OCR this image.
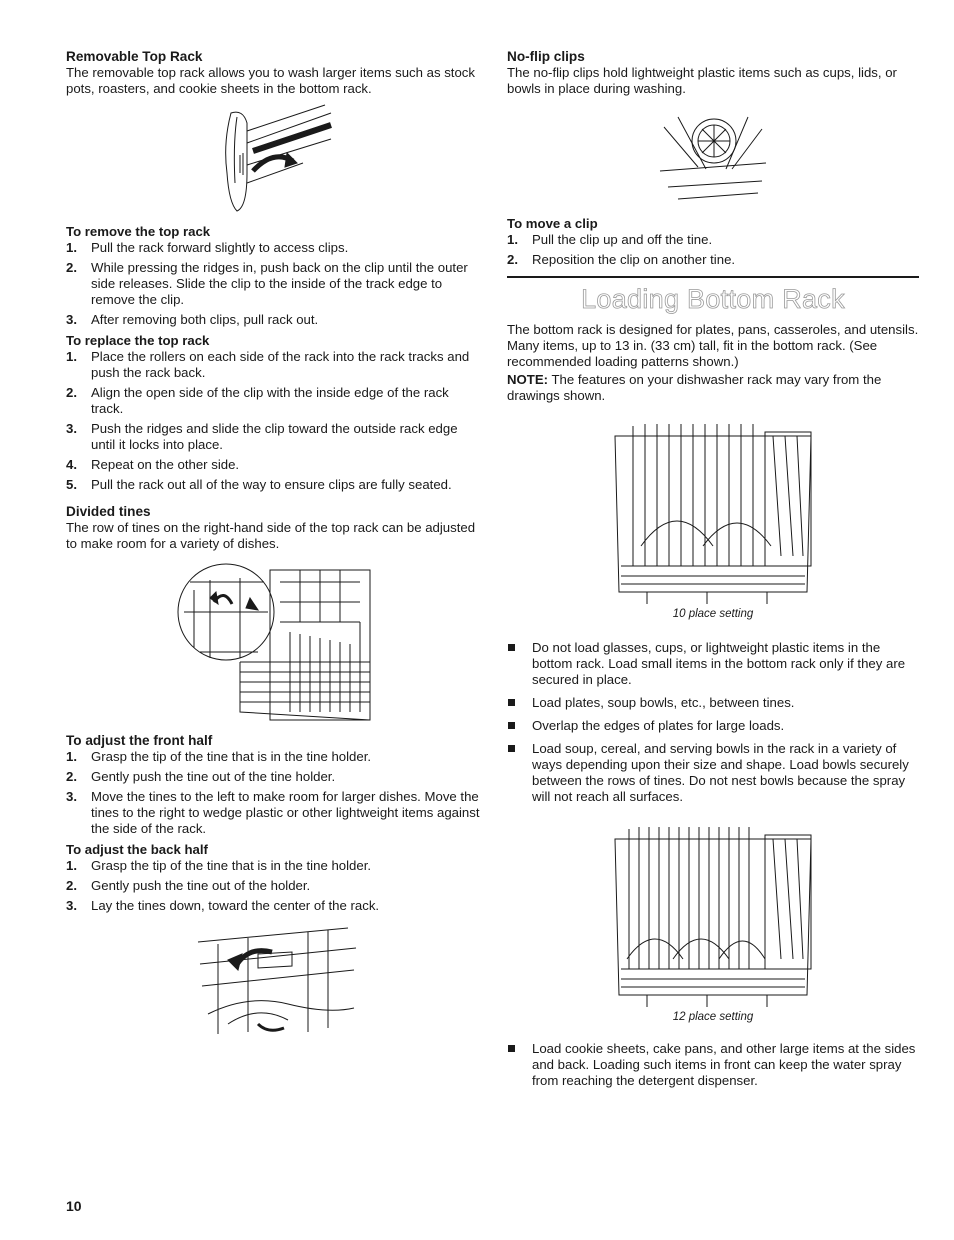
Removable Top Rack

The removable top rack allows you to wash larger items such as stock pots, roasters, and cookie sheets in the bottom rack.

To remove the top rack
1. Pull the rack forward slightly to access clips.
2. While pressing the ridges in, push back on the clip until the outer side releases. Slide the clip to the inside of the track edge to remove the clip.
3. After removing both clips, pull rack out.
To replace the top rack
1. Place the rollers on each side of the rack into the rack tracks and push the rack back.
2. Align the open side of the clip with the inside edge of the rack track.
3. Push the ridges and slide the clip toward the outside rack edge until it locks into place.
4. Repeat on the other side.
5. Pull the rack out all of the way to ensure clips are fully seated.
Divided tines

The row of tines on the right-hand side of the top rack can be adjusted to make room for a variety of dishes.

To adjust the front half
1. Grasp the tip of the tine that is in the tine holder.
2. Gently push the tine out of the tine holder.
3. Move the tines to the left to make room for larger dishes. Move the tines to the right to wedge plastic or other lightweight items against the side of the rack.
To adjust the back half
1. Grasp the tip of the tine that is in the tine holder.
2. Gently push the tine out of the holder.
3. Lay the tines down, toward the center of the rack.
No-flip clips

The no-flip clips hold lightweight plastic items such as cups, lids, or bowls in place during washing.

To move a clip
1. Pull the clip up and off the tine.
2. Reposition the clip on another tine.
Loading Bottom Rack

The bottom rack is designed for plates, pans, casseroles, and utensils. Many items, up to 13 in. (33 cm) tall, fit in the bottom rack. (See recommended loading patterns shown.)

NOTE: The features on your dishwasher rack may vary from the drawings shown.

10 place setting

Do not load glasses, cups, or lightweight plastic items in the bottom rack. Load small items in the bottom rack only if they are secured in place.
Load plates, soup bowls, etc., between tines.
Overlap the edges of plates for large loads.
Load soup, cereal, and serving bowls in the rack in a variety of ways depending upon their size and shape. Load bowls securely between the rows of tines. Do not nest bowls because the spray will not reach all surfaces.

12 place setting

Load cookie sheets, cake pans, and other large items at the sides and back. Loading such items in front can keep the water spray from reaching the detergent dispenser.
10
